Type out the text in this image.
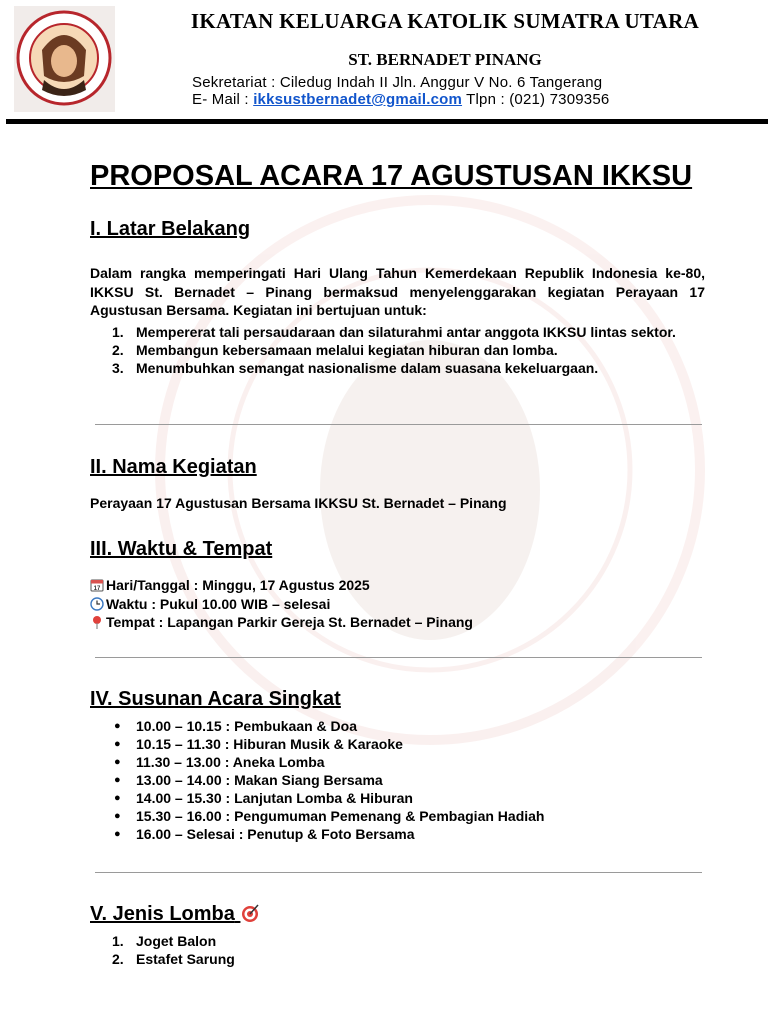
IKATAN KELUARGA KATOLIK SUMATRA UTARA
ST. BERNADET PINANG
Sekretariat : Ciledug Indah II Jln. Anggur V No. 6 Tangerang
E- Mail : ikksustbernadet@gmail.com Tlpn : (021) 7309356
PROPOSAL ACARA 17 AGUSTUSAN IKKSU
I. Latar Belakang
Dalam rangka memperingati Hari Ulang Tahun Kemerdekaan Republik Indonesia ke-80, IKKSU St. Bernadet – Pinang bermaksud menyelenggarakan kegiatan Perayaan 17 Agustusan Bersama. Kegiatan ini bertujuan untuk:
1. Mempererat tali persaudaraan dan silaturahmi antar anggota IKKSU lintas sektor.
2. Membangun kebersamaan melalui kegiatan hiburan dan lomba.
3. Menumbuhkan semangat nasionalisme dalam suasana kekeluargaan.
II. Nama Kegiatan
Perayaan 17 Agustusan Bersama IKKSU St. Bernadet – Pinang
III. Waktu & Tempat
17 Hari/Tanggal : Minggu, 17 Agustus 2025
Waktu : Pukul 10.00 WIB – selesai
Tempat : Lapangan Parkir Gereja St. Bernadet – Pinang
IV. Susunan Acara Singkat
● 10.00 – 10.15 : Pembukaan & Doa
● 10.15 – 11.30 : Hiburan Musik & Karaoke
● 11.30 – 13.00 : Aneka Lomba
● 13.00 – 14.00 : Makan Siang Bersama
● 14.00 – 15.30 : Lanjutan Lomba & Hiburan
● 15.30 – 16.00 : Pengumuman Pemenang & Pembagian Hadiah
● 16.00 – Selesai : Penutup & Foto Bersama
V. Jenis Lomba
1. Joget Balon
2. Estafet Sarung
